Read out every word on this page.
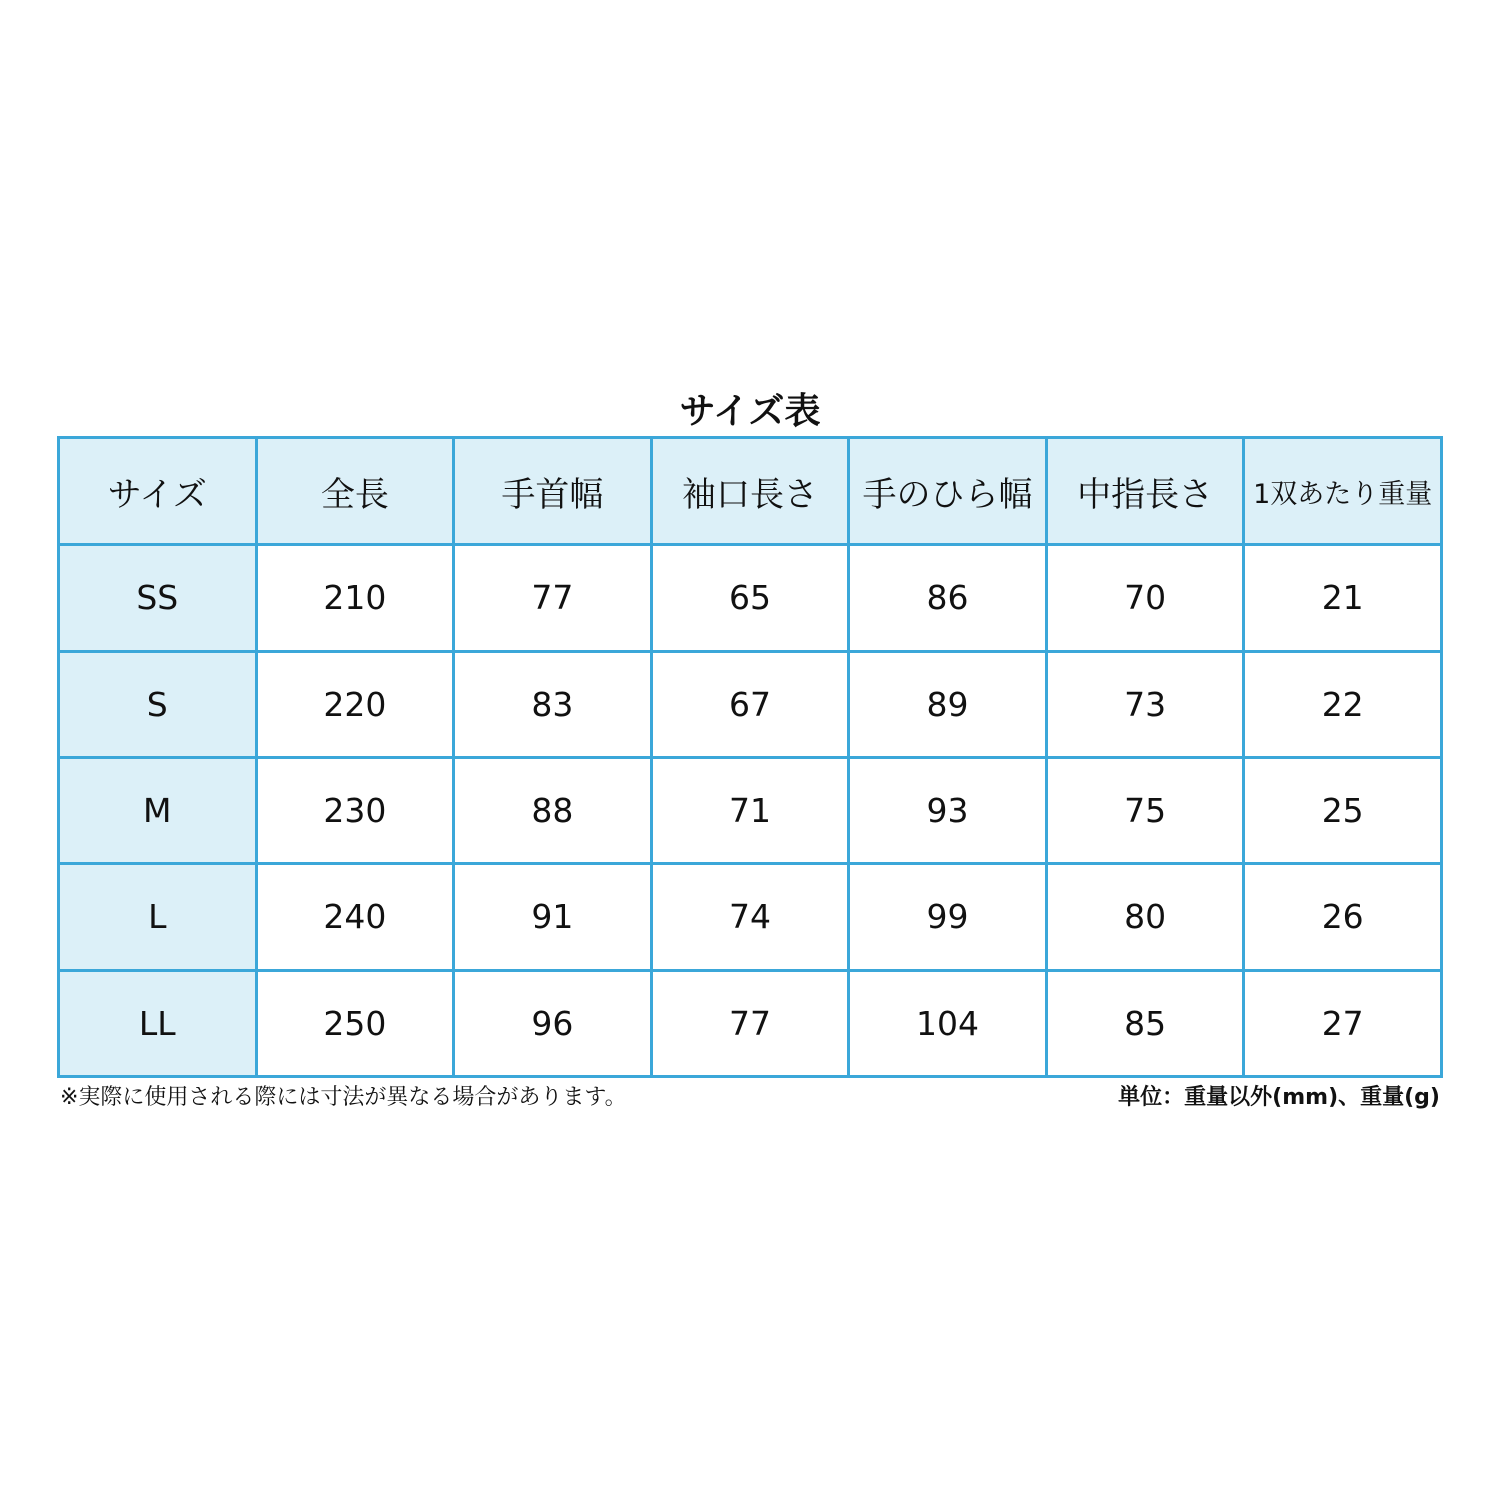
サイズ表
サイズ	全長	手首幅	袖口長さ	手のひら幅	中指長さ	1双あたり重量
SS	210	77	65	86	70	21
S	220	83	67	89	73	22
M	230	88	71	93	75	25
L	240	91	74	99	80	26
LL	250	96	77	104	85	27
※実際に使用される際には寸法が異なる場合があります。	単位：重量以外(mm)、重量(g)
